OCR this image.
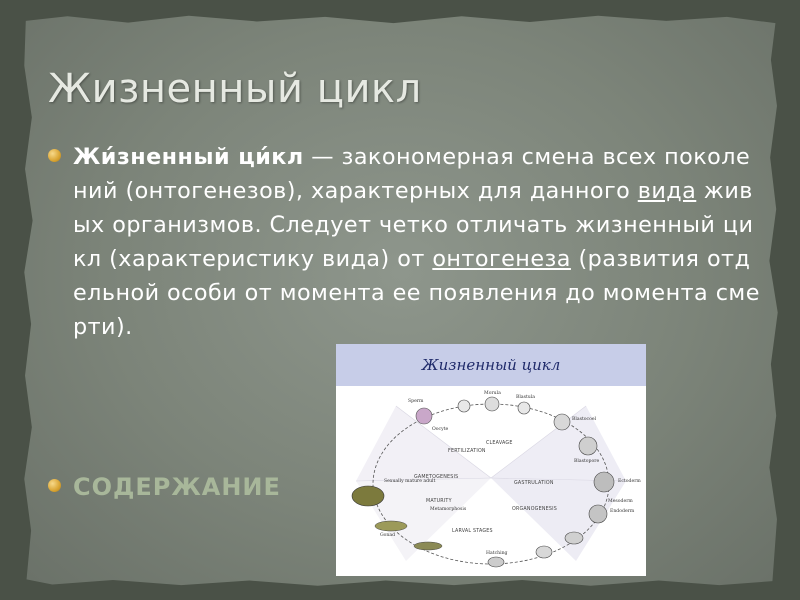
Жизненный цикл

Жи́зненный ци́кл — закономерная смена всех поколений (онтогенезов), характерных для данного вида живых организмов. Следует четко отличать жизненный цикл (характеристику вида) от онтогенеза (развития отдельной особи от момента ее появления до момента смерти).

СОДЕРЖАНИЕ
Жизненный цикл
FERTILIZATION
CLEAVAGE
GAMETOGENESIS
GASTRULATION
MATURITY
ORGANOGENESIS
LARVAL STAGES
Sperm
Oocyte
Morula
Blastula
Blastocoel
Blastopore
Ectoderm
Mesoderm
Endoderm
Hatching
Gonad
Sexually mature adult
Metamorphosis
